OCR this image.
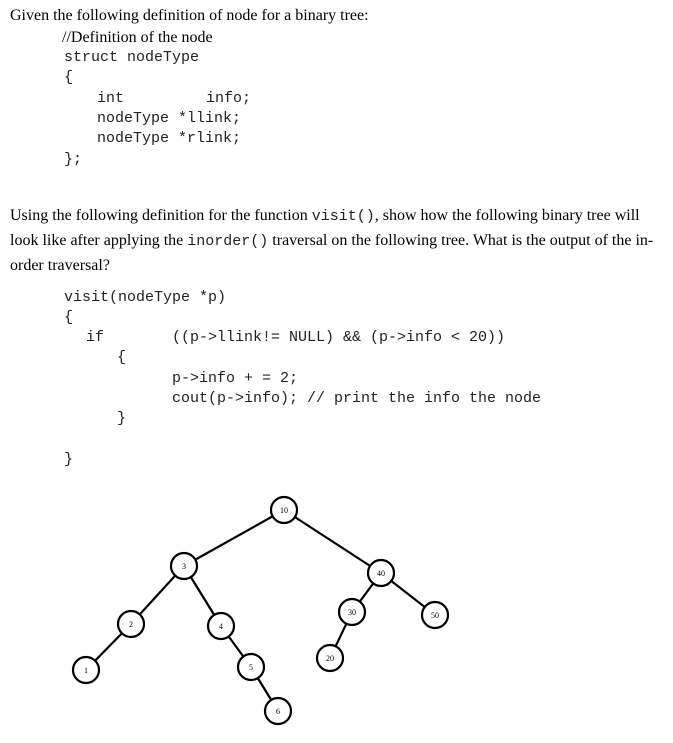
Given the following definition of node for a binary tree:
//Definition of the node
struct nodeType
{
int	info;
nodeType *llink;
nodeType *rlink;
};
Using the following definition for the function visit(), show how the following binary tree will look like after applying the inorder() traversal on the following tree. What is the output of the in-order traversal?
visit(nodeType *p)
{
if	((p->llink!= NULL) && (p->info < 20))
{
p->info + = 2;
cout(p->info); // print the info the node
}
}
10
3
40
2	4
30	50
1	5
20
6
